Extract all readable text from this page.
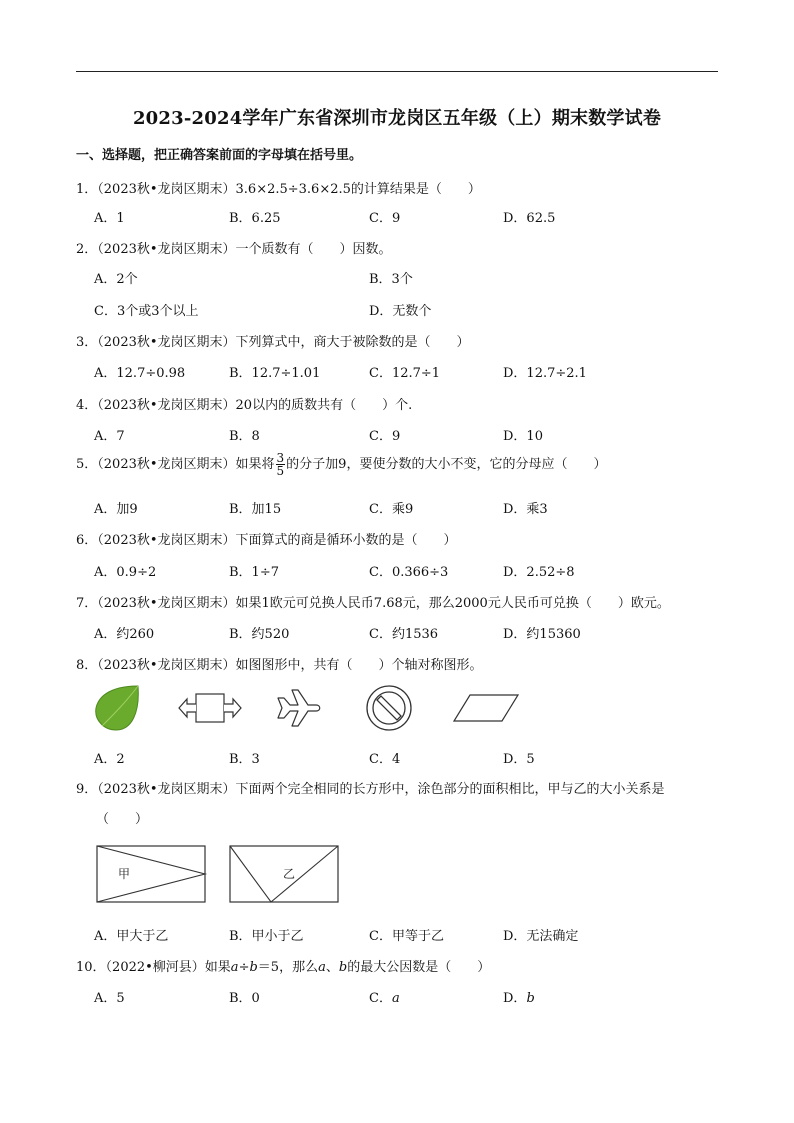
2023-2024学年广东省深圳市龙岗区五年级（上）期末数学试卷
一、选择题，把正确答案前面的字母填在括号里。
1．（2023秋•龙岗区期末）3.6×2.5÷3.6×2.5的计算结果是（　　）
A．1	B．6.25	C．9	D．62.5
2．（2023秋•龙岗区期末）一个质数有（　　）因数。
A．2个	B．3个
C．3个或3个以上	D．无数个
3．（2023秋•龙岗区期末）下列算式中，商大于被除数的是（　　）
A．12.7÷0.98	B．12.7÷1.01	C．12.7÷1	D．12.7÷2.1
4．（2023秋•龙岗区期末）20以内的质数共有（　　）个.
A．7	B．8	C．9	D．10
5．（2023秋•龙岗区期末）如果将 $\frac{3}{5}$ 的分子加9，要使分数的大小不变，它的分母应（　　）
A．加9	B．加15	C．乘9	D．乘3
6．（2023秋•龙岗区期末）下面算式的商是循环小数的是（　　）
A．0.9÷2	B．1÷7	C．0.366÷3	D．2.52÷8
7．（2023秋•龙岗区期末）如果1欧元可兑换人民币7.68元，那么2000元人民币可兑换（　　）欧元。
A．约260	B．约520	C．约1536	D．约15360
8．（2023秋•龙岗区期末）如图图形中，共有（　　）个轴对称图形。
A．2	B．3	C．4	D．5
9．（2023秋•龙岗区期末）下面两个完全相同的长方形中，涂色部分的面积相比，甲与乙的大小关系是
（　　）
甲	乙
A．甲大于乙	B．甲小于乙	C．甲等于乙	D．无法确定
10．（2022•柳河县）如果a÷b＝5，那么a、b的最大公因数是（　　）
A．5	B．0	C．a	D．b
